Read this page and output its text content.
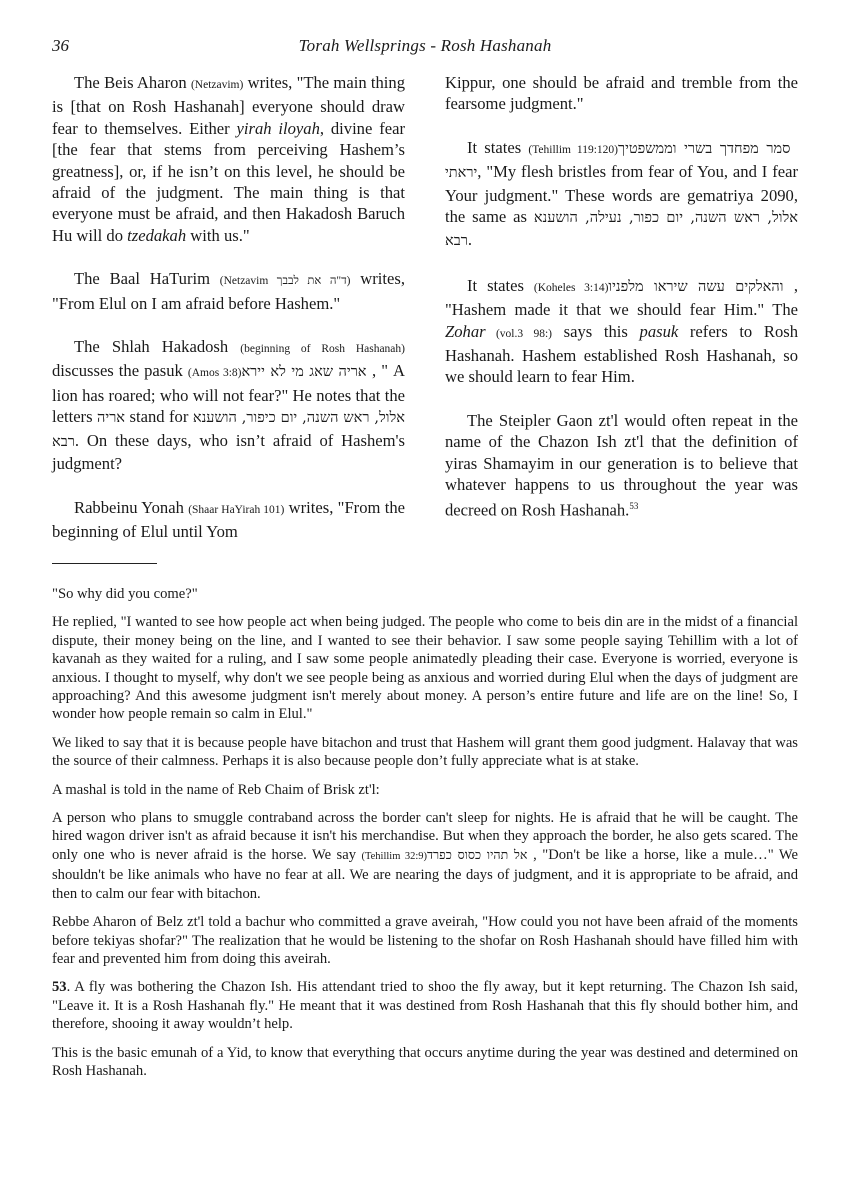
36	Torah Wellsprings - Rosh Hashanah

The Beis Aharon (Netzavim) writes, "The main thing is [that on Rosh Hashanah] everyone should draw fear to themselves. Either yirah iloyah, divine fear [the fear that stems from perceiving Hashem’s greatness], or, if he isn’t on this level, he should be afraid of the judgment. The main thing is that everyone must be afraid, and then Hakadosh Baruch Hu will do tzedakah with us."

The Baal HaTurim (Netzavim ד"ה את לבבך) writes, "From Elul on I am afraid before Hashem."

The Shlah Hakadosh (beginning of Rosh Hashanah) discusses the pasuk (Amos 3:8) אריה שאג מי לא יירא, " A lion has roared; who will not fear?" He notes that the letters אריה stand for אלול, ראש השנה, יום כיפור, הושענא רבא. On these days, who isn’t afraid of Hashem's judgment?

Rabbeinu Yonah (Shaar HaYirah 101) writes, "From the beginning of Elul until Yom

Kippur, one should be afraid and tremble from the fearsome judgment."

It states (Tehillim 119:120) סמר מפחדך בשרי וממשפטיך יראתי, "My flesh bristles from fear of You, and I fear Your judgment." These words are gematriya 2090, the same as אלול, ראש השנה, יום כפור, נעילה, הושענא רבא.

It states (Koheles 3:14) והאלקים עשה שיראו מלפניו, "Hashem made it that we should fear Him." The Zohar (vol.3 98:) says this pasuk refers to Rosh Hashanah. Hashem established Rosh Hashanah, so we should learn to fear Him.

The Steipler Gaon zt'l would often repeat in the name of the Chazon Ish zt'l that the definition of yiras Shamayim in our generation is to believe that whatever happens to us throughout the year was decreed on Rosh Hashanah.$^{53}$

"So why did you come?"

He replied, "I wanted to see how people act when being judged. The people who come to beis din are in the midst of a financial dispute, their money being on the line, and I wanted to see their behavior. I saw some people saying Tehillim with a lot of kavanah as they waited for a ruling, and I saw some people animatedly pleading their case. Everyone is worried, everyone is anxious. I thought to myself, why don't we see people being as anxious and worried during Elul when the days of judgment are approaching? And this awesome judgment isn't merely about money. A person’s entire future and life are on the line! So, I wonder how people remain so calm in Elul."

We liked to say that it is because people have bitachon and trust that Hashem will grant them good judgment. Halavay that was the source of their calmness. Perhaps it is also because people don’t fully appreciate what is at stake.

A mashal is told in the name of Reb Chaim of Brisk zt'l:

A person who plans to smuggle contraband across the border can't sleep for nights. He is afraid that he will be caught. The hired wagon driver isn't as afraid because it isn't his merchandise. But when they approach the border, he also gets scared. The only one who is never afraid is the horse. We say (Tehillim 32:9) אל תהיו כסוס כפרד, "Don't be like a horse, like a mule…" We shouldn't be like animals who have no fear at all. We are nearing the days of judgment, and it is appropriate to be afraid, and then to calm our fear with bitachon.

Rebbe Aharon of Belz zt'l told a bachur who committed a grave aveirah, "How could you not have been afraid of the moments before tekiyas shofar?" The realization that he would be listening to the shofar on Rosh Hashanah should have filled him with fear and prevented him from doing this aveirah.

53. A fly was bothering the Chazon Ish. His attendant tried to shoo the fly away, but it kept returning. The Chazon Ish said, "Leave it. It is a Rosh Hashanah fly." He meant that it was destined from Rosh Hashanah that this fly should bother him, and therefore, shooing it away wouldn’t help.

This is the basic emunah of a Yid, to know that everything that occurs anytime during the year was destined and determined on Rosh Hashanah.
